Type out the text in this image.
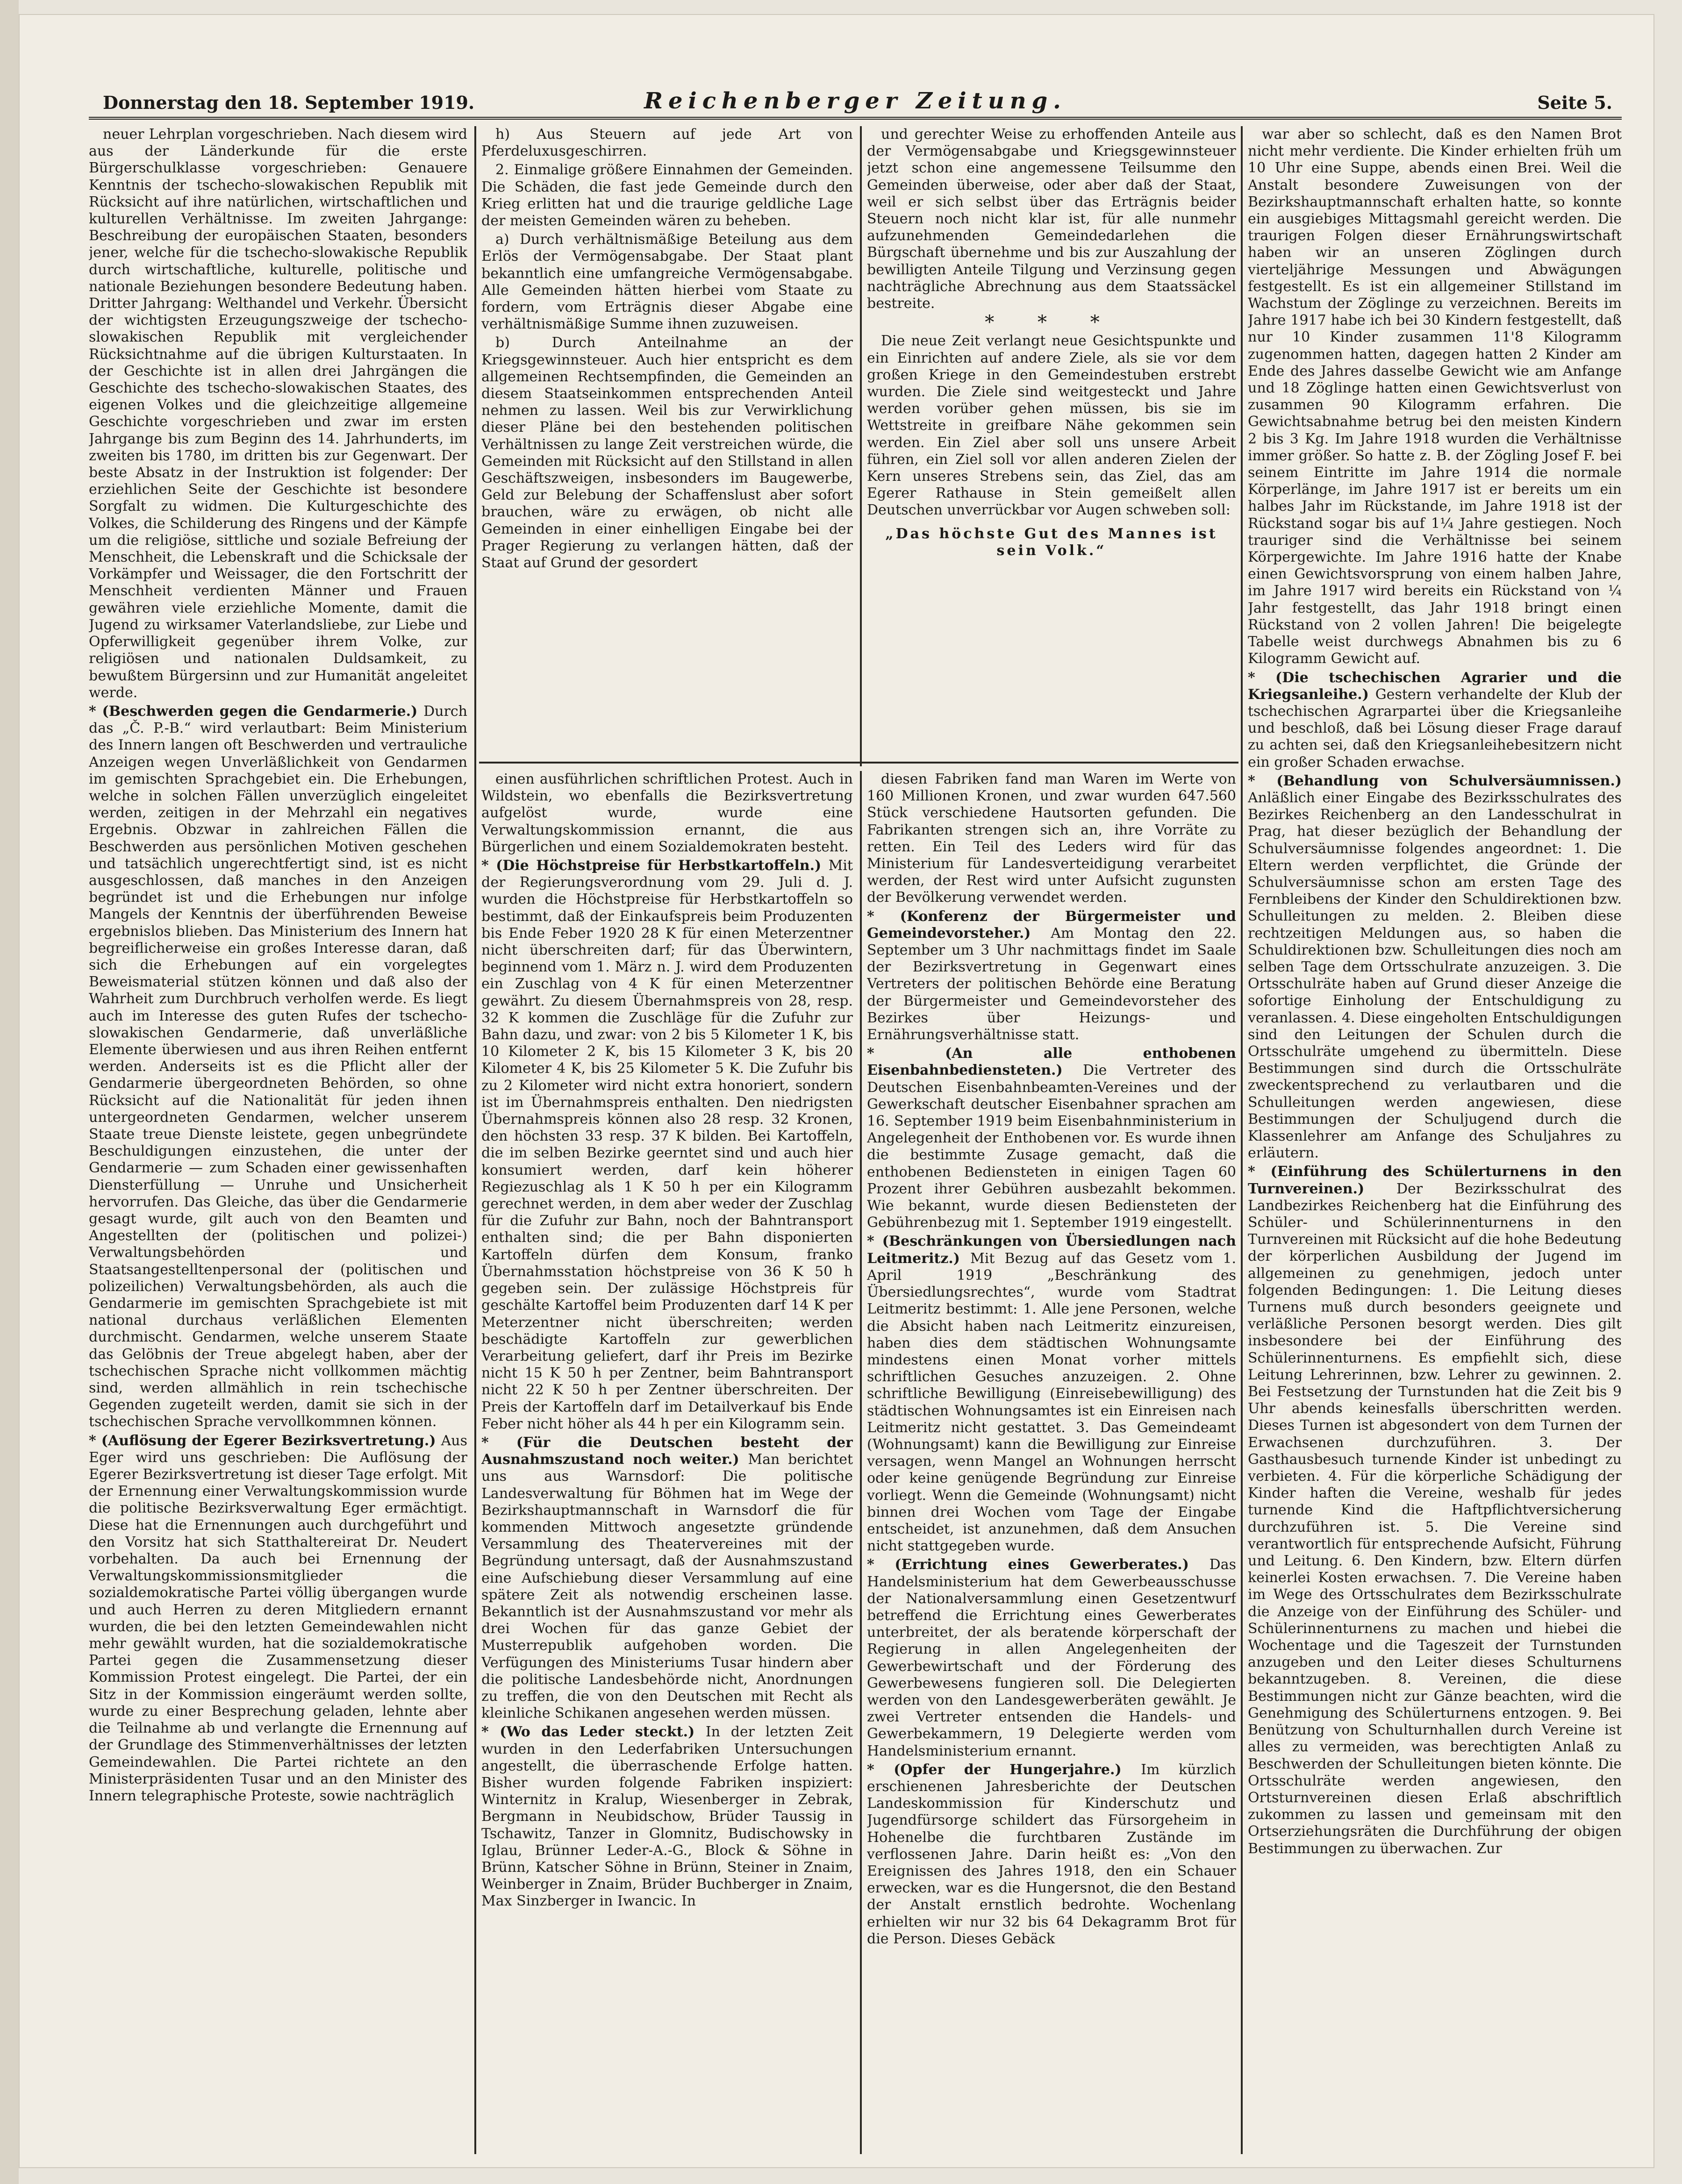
Donnerstag den 18. September 1919.	Reichenberger Zeitung.	Seite 5.

neuer Lehrplan vorgeschrieben. Nach diesem wird aus der Länderkunde für die erste Bürgerschulklasse vorgeschrieben: Genauere Kenntnis der tschecho-slowakischen Republik mit Rücksicht auf ihre natürlichen, wirtschaftlichen und kulturellen Verhältnisse. Im zweiten Jahrgange: Beschreibung der europäischen Staaten, besonders jener, welche für die tschecho-slowakische Republik durch wirtschaftliche, kulturelle, politische und nationale Beziehungen besondere Bedeutung haben. Dritter Jahrgang: Welthandel und Verkehr. Übersicht der wichtigsten Erzeugungszweige der tschecho-slowakischen Republik mit vergleichender Rücksichtnahme auf die übrigen Kulturstaaten. In der Geschichte ist in allen drei Jahrgängen die Geschichte des tschecho-slowakischen Staates, des eigenen Volkes und die gleichzeitige allgemeine Geschichte vorgeschrieben und zwar im ersten Jahrgange bis zum Beginn des 14. Jahrhunderts, im zweiten bis 1780, im dritten bis zur Gegenwart. Der beste Absatz in der Instruktion ist folgender: Der erziehlichen Seite der Geschichte ist besondere Sorgfalt zu widmen. Die Kulturgeschichte des Volkes, die Schilderung des Ringens und der Kämpfe um die religiöse, sittliche und soziale Befreiung der Menschheit, die Lebenskraft und die Schicksale der Vorkämpfer und Weissager, die den Fortschritt der Menschheit verdienten Männer und Frauen gewähren viele erziehliche Momente, damit die Jugend zu wirksamer Vaterlandsliebe, zur Liebe und Opferwilligkeit gegenüber ihrem Volke, zur religiösen und nationalen Duldsamkeit, zu bewußtem Bürgersinn und zur Humanität angeleitet werde.

* (Beschwerden gegen die Gendarmerie.) Durch das „Č. P.-B.“ wird verlautbart: Beim Ministerium des Innern langen oft Beschwerden und vertrauliche Anzeigen wegen Unverläßlichkeit von Gendarmen im gemischten Sprachgebiet ein. Die Erhebungen, welche in solchen Fällen unverzüglich eingeleitet werden, zeitigen in der Mehrzahl ein negatives Ergebnis. Obzwar in zahlreichen Fällen die Beschwerden aus persönlichen Motiven geschehen und tatsächlich ungerechtfertigt sind, ist es nicht ausgeschlossen, daß manches in den Anzeigen begründet ist und die Erhebungen nur infolge Mangels der Kenntnis der überführenden Beweise ergebnislos blieben. Das Ministerium des Innern hat begreiflicherweise ein großes Interesse daran, daß sich die Erhebungen auf ein vorgelegtes Beweismaterial stützen können und daß also der Wahrheit zum Durchbruch verholfen werde. Es liegt auch im Interesse des guten Rufes der tschecho-slowakischen Gendarmerie, daß unverläßliche Elemente überwiesen und aus ihren Reihen entfernt werden. Anderseits ist es die Pflicht aller der Gendarmerie übergeordneten Behörden, so ohne Rücksicht auf die Nationalität für jeden ihnen untergeordneten Gendarmen, welcher unserem Staate treue Dienste leistete, gegen unbegründete Beschuldigungen einzustehen, die unter der Gendarmerie — zum Schaden einer gewissenhaften Diensterfüllung — Unruhe und Unsicherheit hervorrufen. Das Gleiche, das über die Gendarmerie gesagt wurde, gilt auch von den Beamten und Angestellten der (politischen und polizei-) Verwaltungsbehörden und Staatsangestelltenpersonal der (politischen und polizeilichen) Verwaltungsbehörden, als auch die Gendarmerie im gemischten Sprachgebiete ist mit national durchaus verläßlichen Elementen durchmischt. Gendarmen, welche unserem Staate das Gelöbnis der Treue abgelegt haben, aber der tschechischen Sprache nicht vollkommen mächtig sind, werden allmählich in rein tschechische Gegenden zugeteilt werden, damit sie sich in der tschechischen Sprache vervollkommnen können.

* (Auflösung der Egerer Bezirksvertretung.) Aus Eger wird uns geschrieben: Die Auflösung der Egerer Bezirksvertretung ist dieser Tage erfolgt. Mit der Ernennung einer Verwaltungskommission wurde die politische Bezirksverwaltung Eger ermächtigt. Diese hat die Ernennungen auch durchgeführt und den Vorsitz hat sich Statthaltereirat Dr. Neudert vorbehalten. Da auch bei Ernennung der Verwaltungskommissionsmitglieder die sozialdemokratische Partei völlig übergangen wurde und auch Herren zu deren Mitgliedern ernannt wurden, die bei den letzten Gemeindewahlen nicht mehr gewählt wurden, hat die sozialdemokratische Partei gegen die Zusammensetzung dieser Kommission Protest eingelegt. Die Partei, der ein Sitz in der Kommission eingeräumt werden sollte, wurde zu einer Besprechung geladen, lehnte aber die Teilnahme ab und verlangte die Ernennung auf der Grundlage des Stimmenverhältnisses der letzten Gemeindewahlen. Die Partei richtete an den Ministerpräsidenten Tusar und an den Minister des Innern telegraphische Proteste, sowie nachträglich

h) Aus Steuern auf jede Art von Pferdeluxusgeschirren.

2. Einmalige größere Einnahmen der Gemeinden. Die Schäden, die fast jede Gemeinde durch den Krieg erlitten hat und die traurige geldliche Lage der meisten Gemeinden wären zu beheben.

a) Durch verhältnismäßige Beteilung aus dem Erlös der Vermögensabgabe. Der Staat plant bekanntlich eine umfangreiche Vermögensabgabe. Alle Gemeinden hätten hierbei vom Staate zu fordern, vom Erträgnis dieser Abgabe eine verhältnismäßige Summe ihnen zuzuweisen.

b) Durch Anteilnahme an der Kriegsgewinnsteuer. Auch hier entspricht es dem allgemeinen Rechtsempfinden, die Gemeinden an diesem Staatseinkommen entsprechenden Anteil nehmen zu lassen. Weil bis zur Verwirklichung dieser Pläne bei den bestehenden politischen Verhältnissen zu lange Zeit verstreichen würde, die Gemeinden mit Rücksicht auf den Stillstand in allen Geschäftszweigen, insbesonders im Baugewerbe, Geld zur Belebung der Schaffenslust aber sofort brauchen, wäre zu erwägen, ob nicht alle Gemeinden in einer einhelligen Eingabe bei der Prager Regierung zu verlangen hätten, daß der Staat auf Grund der gesordert

und gerechter Weise zu erhoffenden Anteile aus der Vermögensabgabe und Kriegsgewinnsteuer jetzt schon eine angemessene Teilsumme den Gemeinden überweise, oder aber daß der Staat, weil er sich selbst über das Erträgnis beider Steuern noch nicht klar ist, für alle nunmehr aufzunehmenden Gemeindedarlehen die Bürgschaft übernehme und bis zur Auszahlung der bewilligten Anteile Tilgung und Verzinsung gegen nachträgliche Abrechnung aus dem Staatssäckel bestreite.

* * *

Die neue Zeit verlangt neue Gesichtspunkte und ein Einrichten auf andere Ziele, als sie vor dem großen Kriege in den Gemeindestuben erstrebt wurden. Die Ziele sind weitgesteckt und Jahre werden vorüber gehen müssen, bis sie im Wettstreite in greifbare Nähe gekommen sein werden. Ein Ziel aber soll uns unsere Arbeit führen, ein Ziel soll vor allen anderen Zielen der Kern unseres Strebens sein, das Ziel, das am Egerer Rathause in Stein gemeißelt allen Deutschen unverrückbar vor Augen schweben soll:

„Das höchste Gut des Mannes ist sein Volk.“

einen ausführlichen schriftlichen Protest. Auch in Wildstein, wo ebenfalls die Bezirksvertretung aufgelöst wurde, wurde eine Verwaltungskommission ernannt, die aus Bürgerlichen und einem Sozialdemokraten besteht.

* (Die Höchstpreise für Herbstkartoffeln.) Mit der Regierungsverordnung vom 29. Juli d. J. wurden die Höchstpreise für Herbstkartoffeln so bestimmt, daß der Einkaufspreis beim Produzenten bis Ende Feber 1920 28 K für einen Meterzentner nicht überschreiten darf; für das Überwintern, beginnend vom 1. März n. J. wird dem Produzenten ein Zuschlag von 4 K für einen Meterzentner gewährt. Zu diesem Übernahmspreis von 28, resp. 32 K kommen die Zuschläge für die Zufuhr zur Bahn dazu, und zwar: von 2 bis 5 Kilometer 1 K, bis 10 Kilometer 2 K, bis 15 Kilometer 3 K, bis 20 Kilometer 4 K, bis 25 Kilometer 5 K. Die Zufuhr bis zu 2 Kilometer wird nicht extra honoriert, sondern ist im Übernahmspreis enthalten. Den niedrigsten Übernahmspreis können also 28 resp. 32 Kronen, den höchsten 33 resp. 37 K bilden. Bei Kartoffeln, die im selben Bezirke geerntet sind und auch hier konsumiert werden, darf kein höherer Regiezuschlag als 1 K 50 h per ein Kilogramm gerechnet werden, in dem aber weder der Zuschlag für die Zufuhr zur Bahn, noch der Bahntransport enthalten sind; die per Bahn disponierten Kartoffeln dürfen dem Konsum, franko Übernahmsstation höchstpreise von 36 K 50 h gegeben sein. Der zulässige Höchstpreis für geschälte Kartoffel beim Produzenten darf 14 K per Meterzentner nicht überschreiten; werden beschädigte Kartoffeln zur gewerblichen Verarbeitung geliefert, darf ihr Preis im Bezirke nicht 15 K 50 h per Zentner, beim Bahntransport nicht 22 K 50 h per Zentner überschreiten. Der Preis der Kartoffeln darf im Detailverkauf bis Ende Feber nicht höher als 44 h per ein Kilogramm sein.

* (Für die Deutschen besteht der Ausnahmszustand noch weiter.) Man berichtet uns aus Warnsdorf: Die politische Landesverwaltung für Böhmen hat im Wege der Bezirkshauptmannschaft in Warnsdorf die für kommenden Mittwoch angesetzte gründende Versammlung des Theatervereines mit der Begründung untersagt, daß der Ausnahmszustand eine Aufschiebung dieser Versammlung auf eine spätere Zeit als notwendig erscheinen lasse. Bekanntlich ist der Ausnahmszustand vor mehr als drei Wochen für das ganze Gebiet der Musterrepublik aufgehoben worden. Die Verfügungen des Ministeriums Tusar hindern aber die politische Landesbehörde nicht, Anordnungen zu treffen, die von den Deutschen mit Recht als kleinliche Schikanen angesehen werden müssen.

* (Wo das Leder steckt.) In der letzten Zeit wurden in den Lederfabriken Untersuchungen angestellt, die überraschende Erfolge hatten. Bisher wurden folgende Fabriken inspiziert: Winternitz in Kralup, Wiesenberger in Zebrak, Bergmann in Neubidschow, Brüder Taussig in Tschawitz, Tanzer in Glomnitz, Budischowsky in Iglau, Brünner Leder-A.-G., Block & Söhne in Brünn, Katscher Söhne in Brünn, Steiner in Znaim, Weinberger in Znaim, Brüder Buchberger in Znaim, Max Sinzberger in Iwancic. In

diesen Fabriken fand man Waren im Werte von 160 Millionen Kronen, und zwar wurden 647.560 Stück verschiedene Hautsorten gefunden. Die Fabrikanten strengen sich an, ihre Vorräte zu retten. Ein Teil des Leders wird für das Ministerium für Landesverteidigung verarbeitet werden, der Rest wird unter Aufsicht zugunsten der Bevölkerung verwendet werden.

* (Konferenz der Bürgermeister und Gemeindevorsteher.) Am Montag den 22. September um 3 Uhr nachmittags findet im Saale der Bezirksvertretung in Gegenwart eines Vertreters der politischen Behörde eine Beratung der Bürgermeister und Gemeindevorsteher des Bezirkes über Heizungs- und Ernährungsverhältnisse statt.

* (An alle enthobenen Eisenbahnbediensteten.) Die Vertreter des Deutschen Eisenbahnbeamten-Vereines und der Gewerkschaft deutscher Eisenbahner sprachen am 16. September 1919 beim Eisenbahnministerium in Angelegenheit der Enthobenen vor. Es wurde ihnen die bestimmte Zusage gemacht, daß die enthobenen Bediensteten in einigen Tagen 60 Prozent ihrer Gebühren ausbezahlt bekommen. Wie bekannt, wurde diesen Bediensteten der Gebührenbezug mit 1. September 1919 eingestellt.

* (Beschränkungen von Übersiedlungen nach Leitmeritz.) Mit Bezug auf das Gesetz vom 1. April 1919 „Beschränkung des Übersiedlungsrechtes“, wurde vom Stadtrat Leitmeritz bestimmt: 1. Alle jene Personen, welche die Absicht haben nach Leitmeritz einzureisen, haben dies dem städtischen Wohnungsamte mindestens einen Monat vorher mittels schriftlichen Gesuches anzuzeigen. 2. Ohne schriftliche Bewilligung (Einreisebewilligung) des städtischen Wohnungsamtes ist ein Einreisen nach Leitmeritz nicht gestattet. 3. Das Gemeindeamt (Wohnungsamt) kann die Bewilligung zur Einreise versagen, wenn Mangel an Wohnungen herrscht oder keine genügende Begründung zur Einreise vorliegt. Wenn die Gemeinde (Wohnungsamt) nicht binnen drei Wochen vom Tage der Eingabe entscheidet, ist anzunehmen, daß dem Ansuchen nicht stattgegeben wurde.

* (Errichtung eines Gewerberates.) Das Handelsministerium hat dem Gewerbeausschusse der Nationalversammlung einen Gesetzentwurf betreffend die Errichtung eines Gewerberates unterbreitet, der als beratende körperschaft der Regierung in allen Angelegenheiten der Gewerbewirtschaft und der Förderung des Gewerbewesens fungieren soll. Die Delegierten werden von den Landesgewerberäten gewählt. Je zwei Vertreter entsenden die Handels- und Gewerbekammern, 19 Delegierte werden vom Handelsministerium ernannt.

* (Opfer der Hungerjahre.) Im kürzlich erschienenen Jahresberichte der Deutschen Landeskommission für Kinderschutz und Jugendfürsorge schildert das Fürsorgeheim in Hohenelbe die furchtbaren Zustände im verflossenen Jahre. Darin heißt es: „Von den Ereignissen des Jahres 1918, den ein Schauer erwecken, war es die Hungersnot, die den Bestand der Anstalt ernstlich bedrohte. Wochenlang erhielten wir nur 32 bis 64 Dekagramm Brot für die Person. Dieses Gebäck

war aber so schlecht, daß es den Namen Brot nicht mehr verdiente. Die Kinder erhielten früh um 10 Uhr eine Suppe, abends einen Brei. Weil die Anstalt besondere Zuweisungen von der Bezirkshauptmannschaft erhalten hatte, so konnte ein ausgiebiges Mittagsmahl gereicht werden. Die traurigen Folgen dieser Ernährungswirtschaft haben wir an unseren Zöglingen durch vierteljährige Messungen und Abwägungen festgestellt. Es ist ein allgemeiner Stillstand im Wachstum der Zöglinge zu verzeichnen. Bereits im Jahre 1917 habe ich bei 30 Kindern festgestellt, daß nur 10 Kinder zusammen 11'8 Kilogramm zugenommen hatten, dagegen hatten 2 Kinder am Ende des Jahres dasselbe Gewicht wie am Anfange und 18 Zöglinge hatten einen Gewichtsverlust von zusammen 90 Kilogramm erfahren. Die Gewichtsabnahme betrug bei den meisten Kindern 2 bis 3 Kg. Im Jahre 1918 wurden die Verhältnisse immer größer. So hatte z. B. der Zögling Josef F. bei seinem Eintritte im Jahre 1914 die normale Körperlänge, im Jahre 1917 ist er bereits um ein halbes Jahr im Rückstande, im Jahre 1918 ist der Rückstand sogar bis auf 1¼ Jahre gestiegen. Noch trauriger sind die Verhältnisse bei seinem Körpergewichte. Im Jahre 1916 hatte der Knabe einen Gewichtsvorsprung von einem halben Jahre, im Jahre 1917 wird bereits ein Rückstand von ¼ Jahr festgestellt, das Jahr 1918 bringt einen Rückstand von 2 vollen Jahren! Die beigelegte Tabelle weist durchwegs Abnahmen bis zu 6 Kilogramm Gewicht auf.

* (Die tschechischen Agrarier und die Kriegsanleihe.) Gestern verhandelte der Klub der tschechischen Agrarpartei über die Kriegsanleihe und beschloß, daß bei Lösung dieser Frage darauf zu achten sei, daß den Kriegsanleihebesitzern nicht ein großer Schaden erwachse.

* (Behandlung von Schulversäumnissen.) Anläßlich einer Eingabe des Bezirksschulrates des Bezirkes Reichenberg an den Landesschulrat in Prag, hat dieser bezüglich der Behandlung der Schulversäumnisse folgendes angeordnet: 1. Die Eltern werden verpflichtet, die Gründe der Schulversäumnisse schon am ersten Tage des Fernbleibens der Kinder den Schuldirektionen bzw. Schulleitungen zu melden. 2. Bleiben diese rechtzeitigen Meldungen aus, so haben die Schuldirektionen bzw. Schulleitungen dies noch am selben Tage dem Ortsschulrate anzuzeigen. 3. Die Ortsschulräte haben auf Grund dieser Anzeige die sofortige Einholung der Entschuldigung zu veranlassen. 4. Diese eingeholten Entschuldigungen sind den Leitungen der Schulen durch die Ortsschulräte umgehend zu übermitteln. Diese Bestimmungen sind durch die Ortsschulräte zweckentsprechend zu verlautbaren und die Schulleitungen werden angewiesen, diese Bestimmungen der Schuljugend durch die Klassenlehrer am Anfange des Schuljahres zu erläutern.

* (Einführung des Schülerturnens in den Turnvereinen.) Der Bezirksschulrat des Landbezirkes Reichenberg hat die Einführung des Schüler- und Schülerinnenturnens in den Turnvereinen mit Rücksicht auf die hohe Bedeutung der körperlichen Ausbildung der Jugend im allgemeinen zu genehmigen, jedoch unter folgenden Bedingungen: 1. Die Leitung dieses Turnens muß durch besonders geeignete und verläßliche Personen besorgt werden. Dies gilt insbesondere bei der Einführung des Schülerinnenturnens. Es empfiehlt sich, diese Leitung Lehrerinnen, bzw. Lehrer zu gewinnen. 2. Bei Festsetzung der Turnstunden hat die Zeit bis 9 Uhr abends keinesfalls überschritten werden. Dieses Turnen ist abgesondert von dem Turnen der Erwachsenen durchzuführen. 3. Der Gasthausbesuch turnende Kinder ist unbedingt zu verbieten. 4. Für die körperliche Schädigung der Kinder haften die Vereine, weshalb für jedes turnende Kind die Haftpflichtversicherung durchzuführen ist. 5. Die Vereine sind verantwortlich für entsprechende Aufsicht, Führung und Leitung. 6. Den Kindern, bzw. Eltern dürfen keinerlei Kosten erwachsen. 7. Die Vereine haben im Wege des Ortsschulrates dem Bezirksschulrate die Anzeige von der Einführung des Schüler- und Schülerinnenturnens zu machen und hiebei die Wochentage und die Tageszeit der Turnstunden anzugeben und den Leiter dieses Schulturnens bekanntzugeben. 8. Vereinen, die diese Bestimmungen nicht zur Gänze beachten, wird die Genehmigung des Schülerturnens entzogen. 9. Bei Benützung von Schulturnhallen durch Vereine ist alles zu vermeiden, was berechtigten Anlaß zu Beschwerden der Schulleitungen bieten könnte. Die Ortsschulräte werden angewiesen, den Ortsturnvereinen diesen Erlaß abschriftlich zukommen zu lassen und gemeinsam mit den Ortserziehungsräten die Durchführung der obigen Bestimmungen zu überwachen. Zur
